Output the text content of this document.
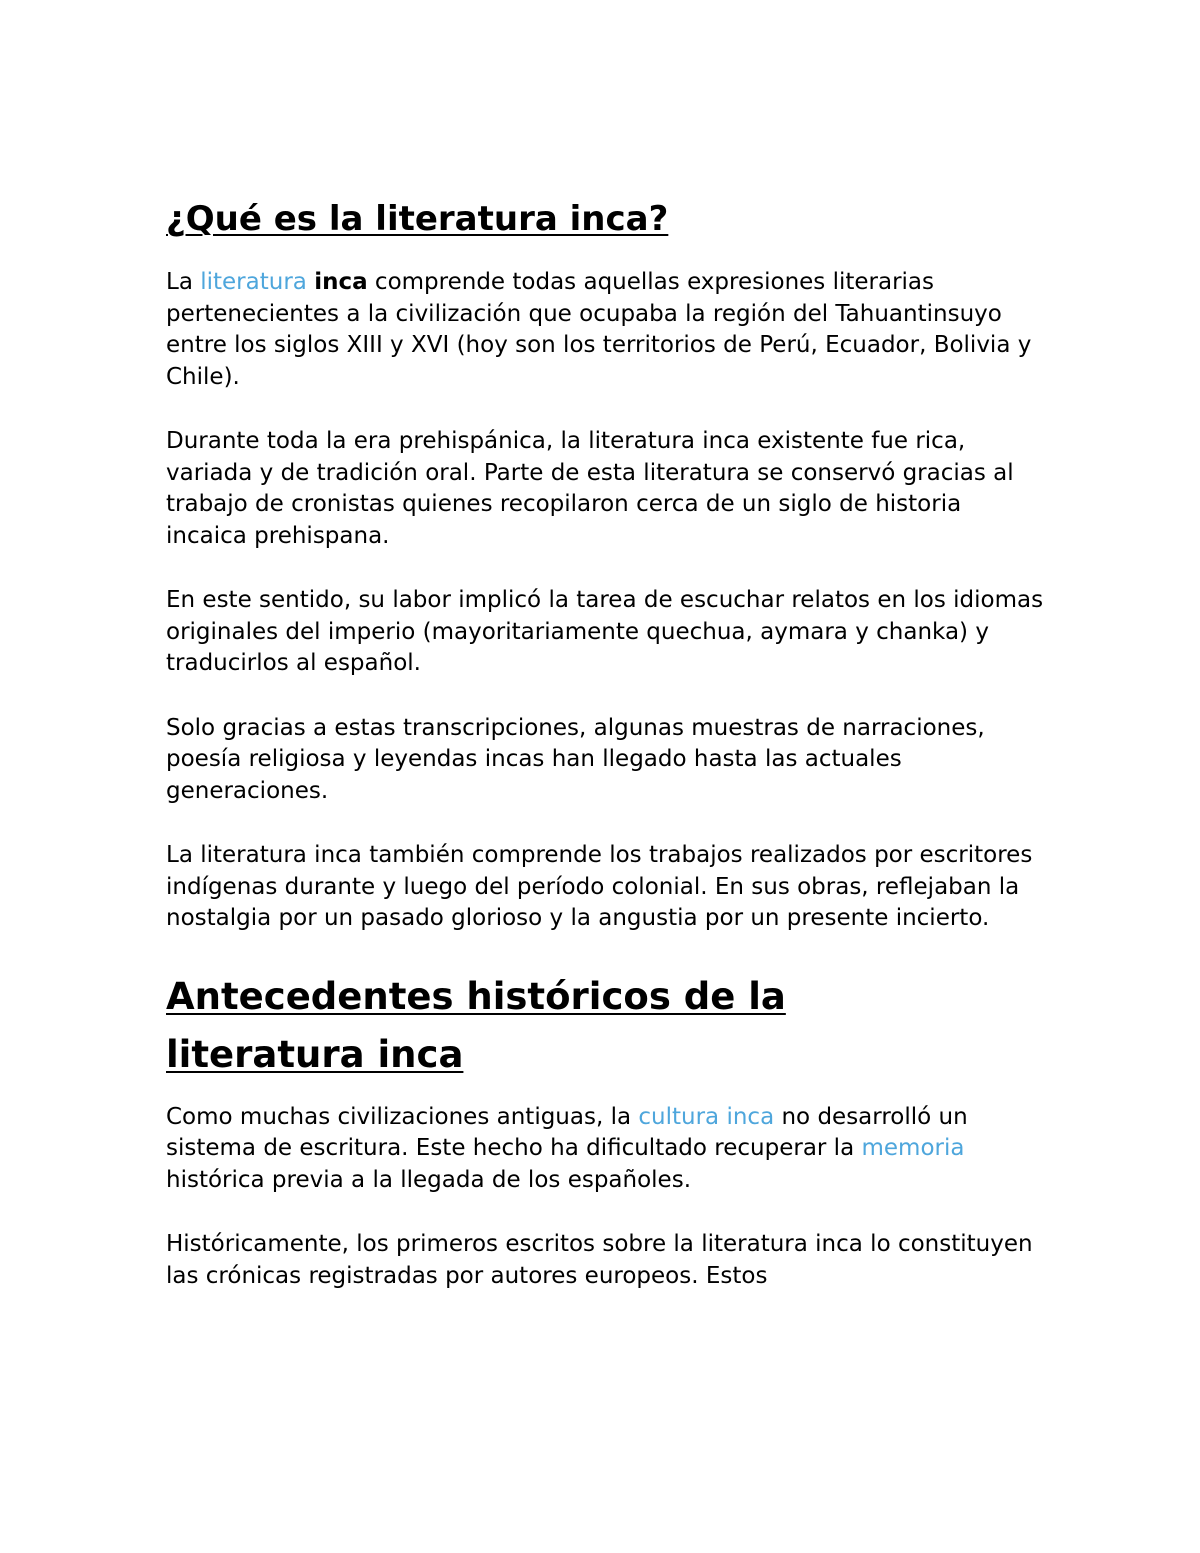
¿Qué es la literatura inca?

La literatura inca comprende todas aquellas expresiones literarias pertenecientes a la civilización que ocupaba la región del Tahuantinsuyo entre los siglos XIII y XVI (hoy son los territorios de Perú, Ecuador, Bolivia y Chile).

Durante toda la era prehispánica, la literatura inca existente fue rica, variada y de tradición oral. Parte de esta literatura se conservó gracias al trabajo de cronistas quienes recopilaron cerca de un siglo de historia incaica prehispana.

En este sentido, su labor implicó la tarea de escuchar relatos en los idiomas originales del imperio (mayoritariamente quechua, aymara y chanka) y traducirlos al español.

Solo gracias a estas transcripciones, algunas muestras de narraciones, poesía religiosa y leyendas incas han llegado hasta las actuales generaciones.

La literatura inca también comprende los trabajos realizados por escritores indígenas durante y luego del período colonial. En sus obras, reflejaban la nostalgia por un pasado glorioso y la angustia por un presente incierto.

Antecedentes históricos de la literatura inca

Como muchas civilizaciones antiguas, la cultura inca no desarrolló un sistema de escritura. Este hecho ha dificultado recuperar la memoria histórica previa a la llegada de los españoles.

Históricamente, los primeros escritos sobre la literatura inca lo constituyen las crónicas registradas por autores europeos. Estos
